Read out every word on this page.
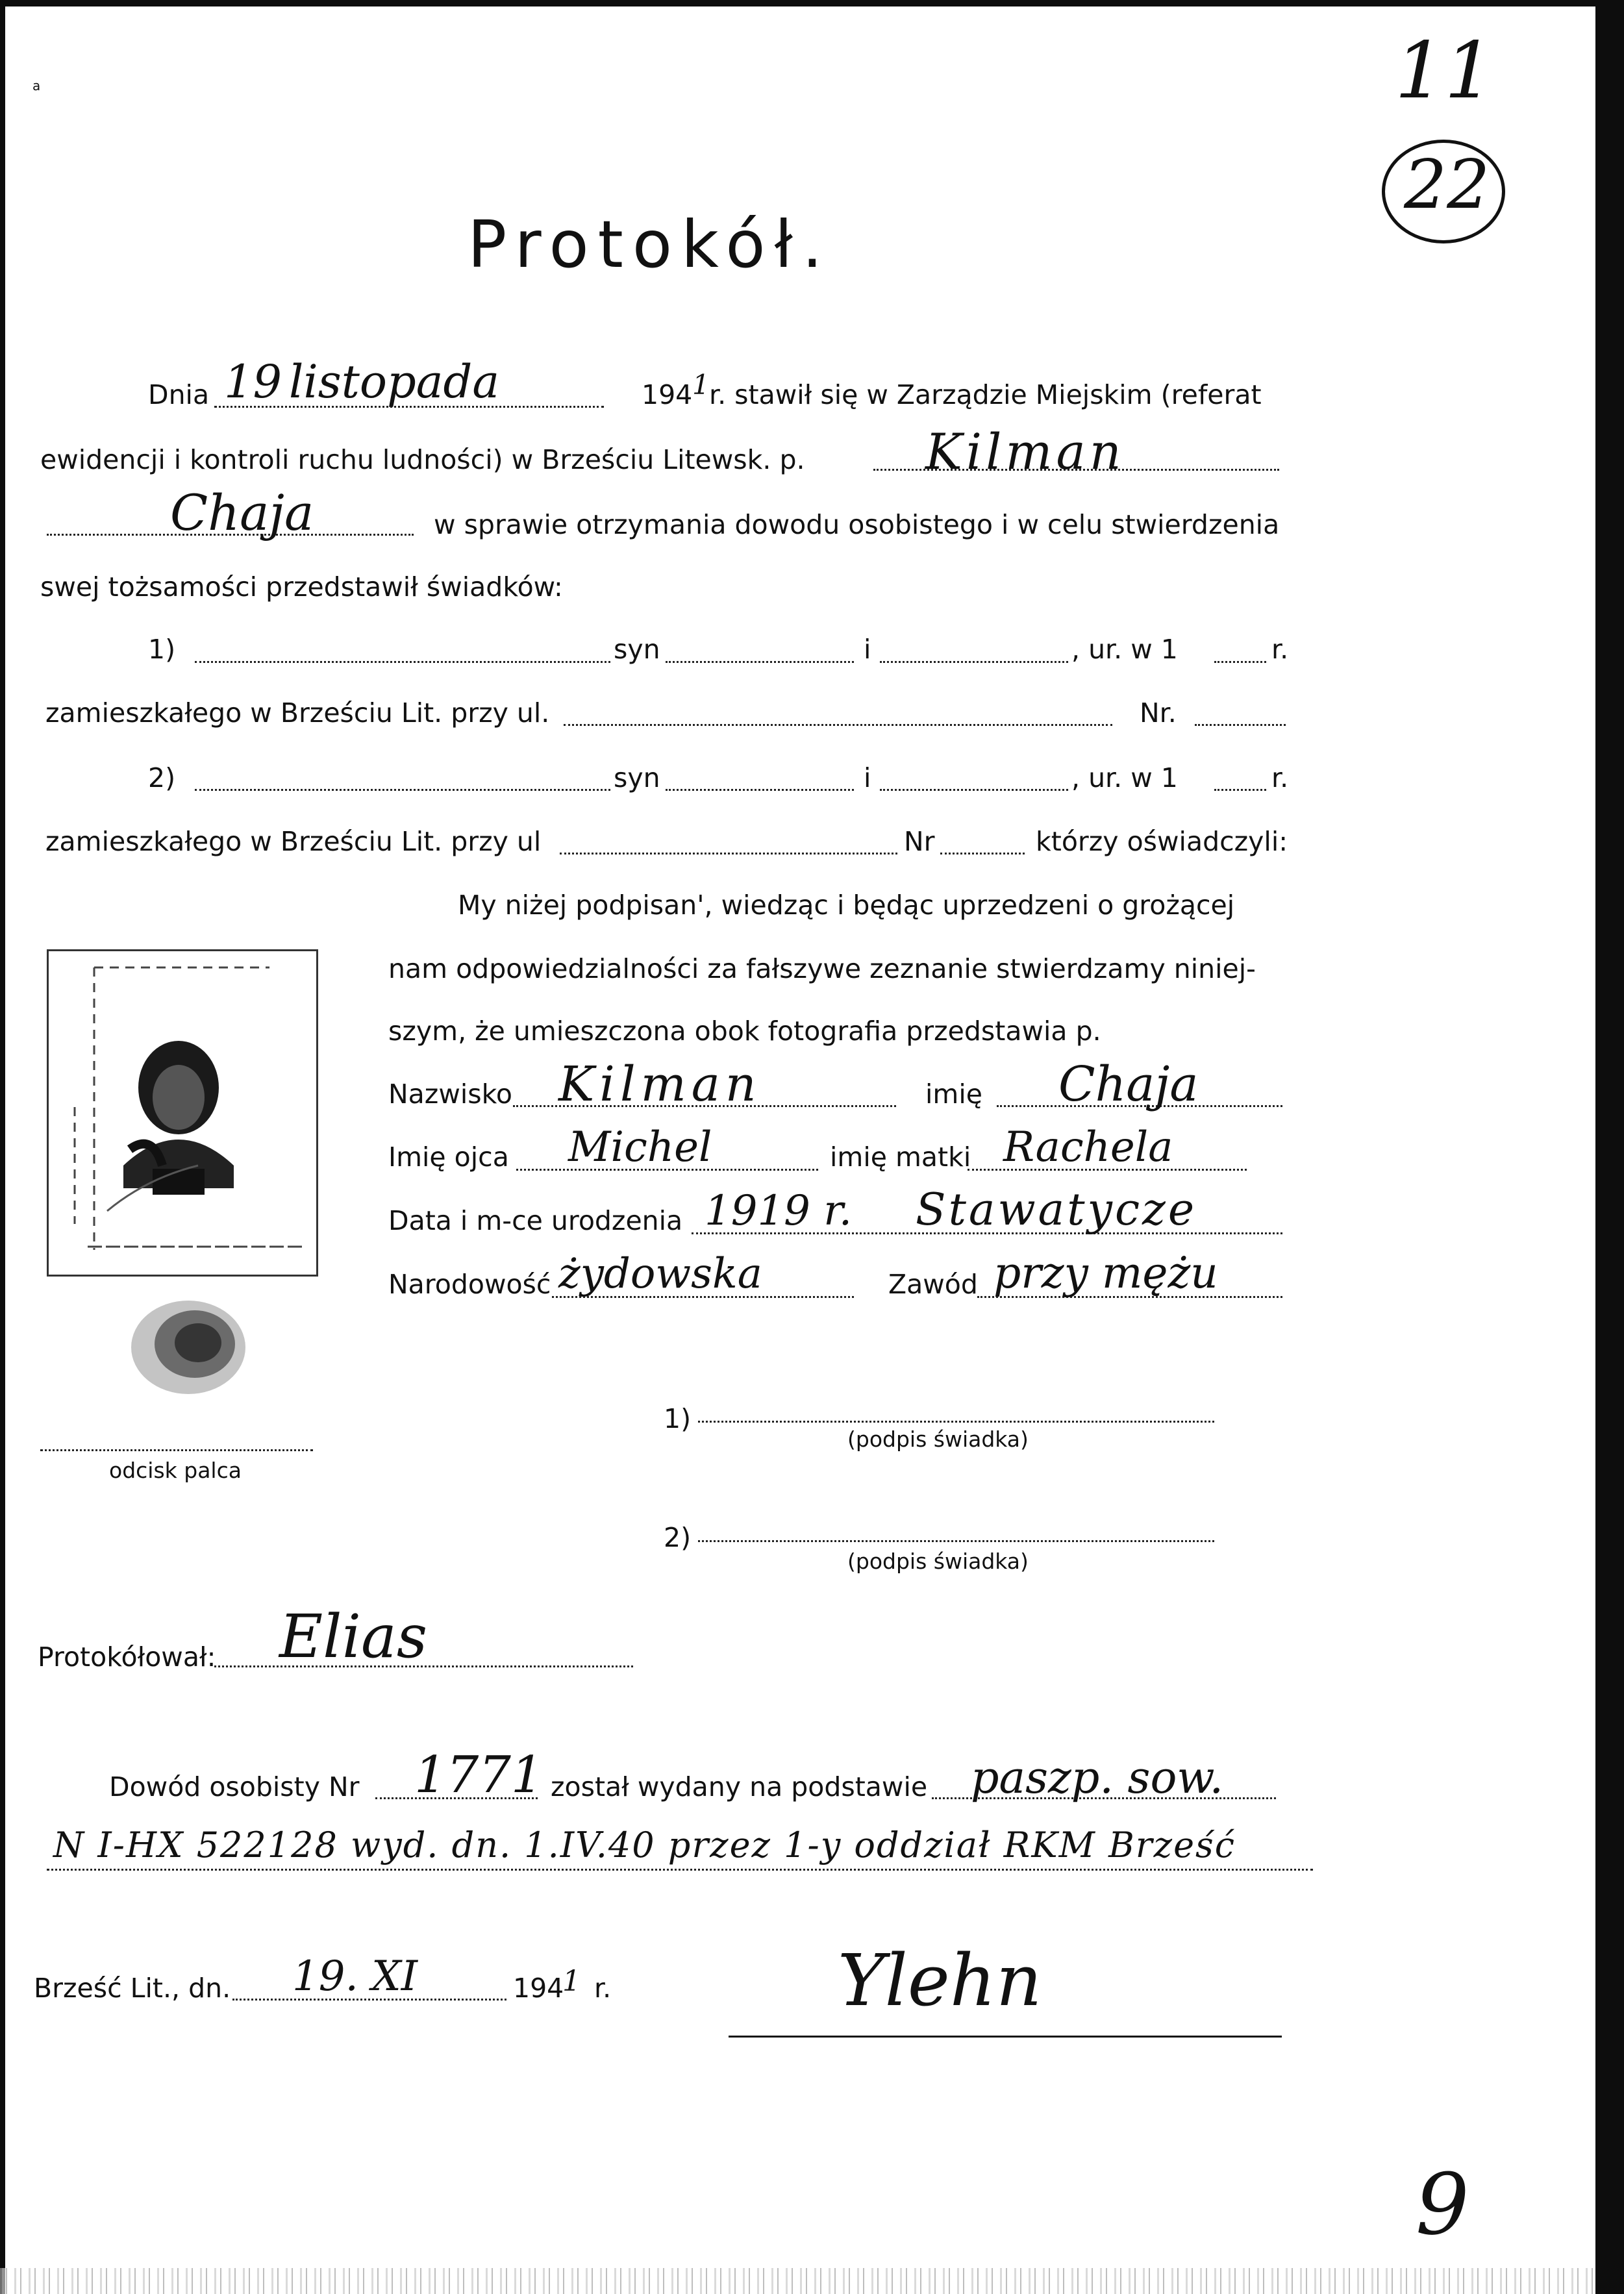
a	11
22
9
Protokół.
Dnia 19 listopada	194 1 r. stawił się w Zarządzie Miejskim (referat
ewidencji i kontroli ruchu ludności) w Brześciu Litewsk. p. Kilman
Chaja	w sprawie otrzymania dowodu osobistego i w celu stwierdzenia
swej tożsamości przedstawił świadków:
1)	syn	i	, ur. w 1	r.
zamieszkałego w Brześciu Lit. przy ul.	Nr.
2)	syn	i	, ur. w 1	r.
zamieszkałego w Brześciu Lit. przy ul	Nr	którzy oświadczyli:
My niżej podpisan', wiedząc i będąc uprzedzeni o grożącej
nam odpowiedzialności za fałszywe zeznanie stwierdzamy niniej-
szym, że umieszczona obok fotografia przedstawia p.
Nazwisko Kilman	imię Chaja
Imię ojca Michel	imię matki Rachela
Data i m-ce urodzenia 1919 r. Stawatycze
Narodowość żydowska	Zawód przy mężu
odcisk palca
1)
(podpis świadka)
2)
(podpis świadka)
Protokółował: Elias
Dowód osobisty Nr 1771 został wydany na podstawie paszp. sow.
N I-HX 522128 wyd. dn. 1.IV.40 przez 1-y oddział RKM Brześć
Brześć Lit., dn. 19. XI	194
1 r.	Ylehn
